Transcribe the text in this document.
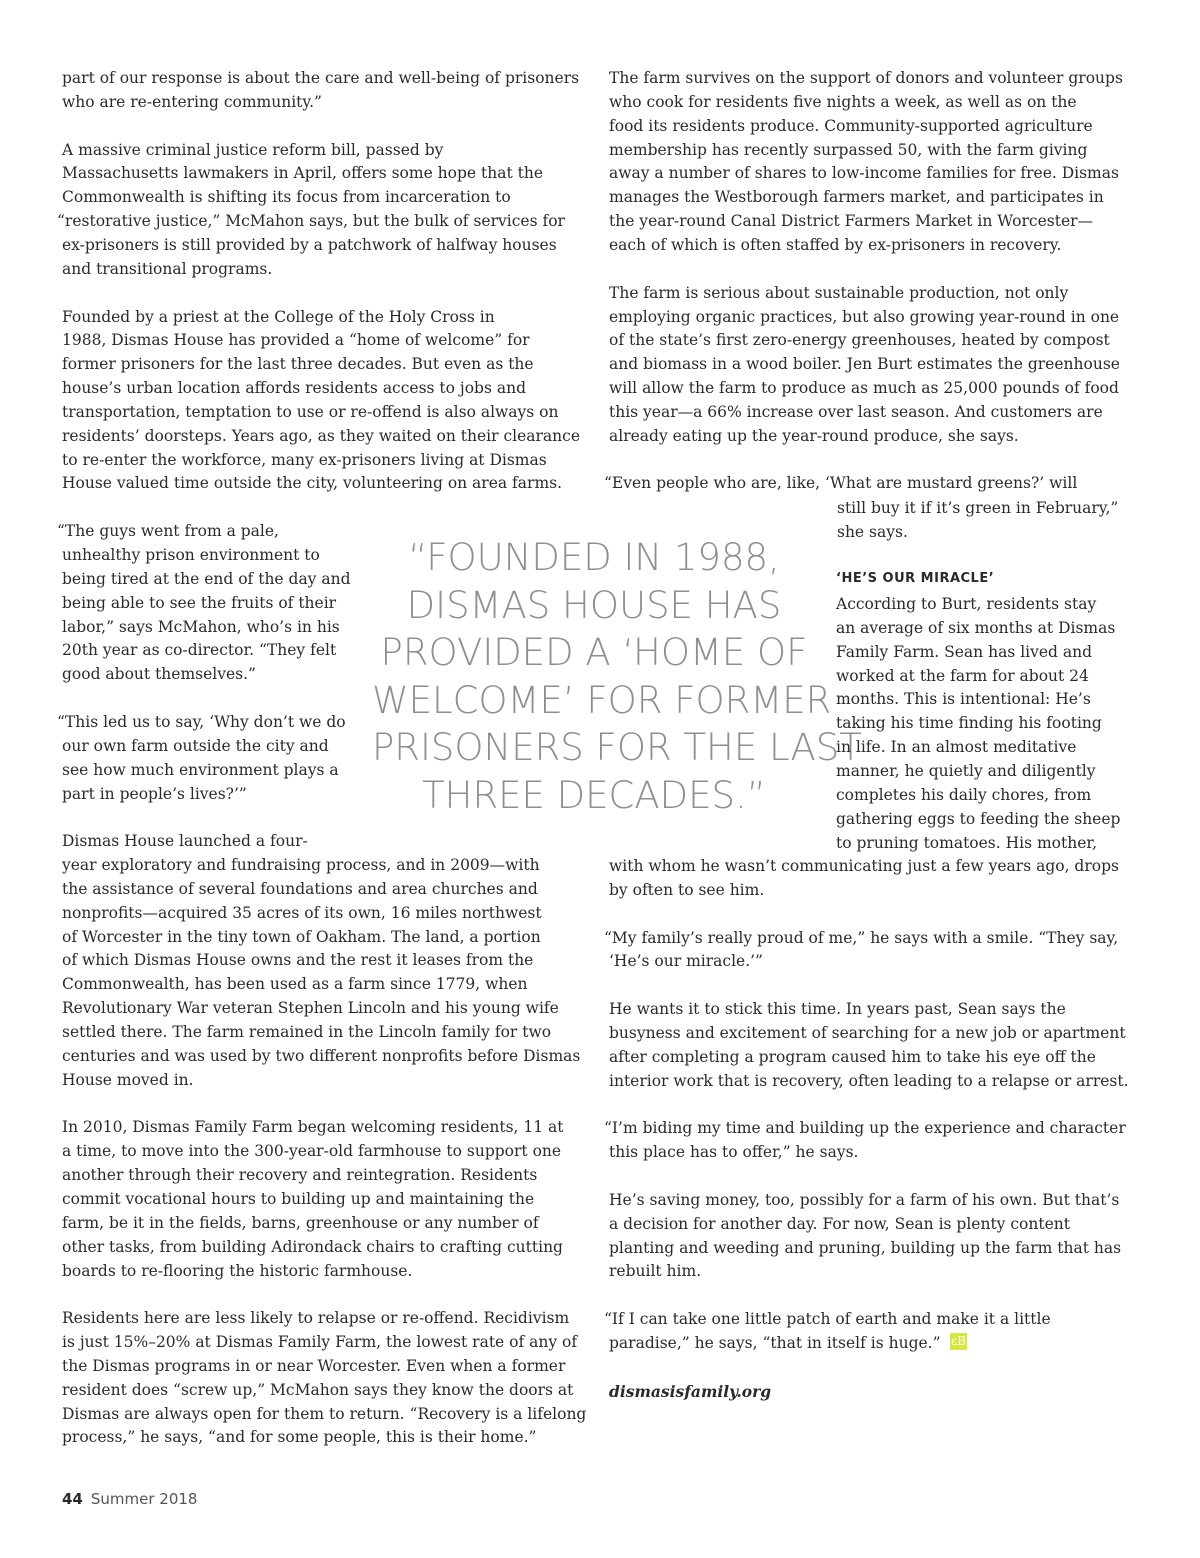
“FOUNDED IN 1988,
DISMAS HOUSE HAS
PROVIDED A ‘HOME OF
WELCOME’ FOR FORMER
PRISONERS FOR THE LAST
THREE DECADES.”
‘HE’S OUR MIRACLE’
ɛB
dismasisfamily.org
44 Summer 2018
part of our response is about the care and well-being of prisoners
who are re-entering community.”
A massive criminal justice reform bill, passed by
Massachusetts lawmakers in April, offers some hope that the
Commonwealth is shifting its focus from incarceration to
“restorative justice,” McMahon says, but the bulk of services for
ex-prisoners is still provided by a patchwork of halfway houses
and transitional programs.
Founded by a priest at the College of the Holy Cross in
1988, Dismas House has provided a “home of welcome” for
former prisoners for the last three decades. But even as the
house’s urban location affords residents access to jobs and
transportation, temptation to use or re-offend is also always on
residents’ doorsteps. Years ago, as they waited on their clearance
to re-enter the workforce, many ex-prisoners living at Dismas
House valued time outside the city, volunteering on area farms.
“The guys went from a pale,
unhealthy prison environment to
being tired at the end of the day and
being able to see the fruits of their
labor,” says McMahon, who’s in his
20th year as co-director. “They felt
good about themselves.”
“This led us to say, ‘Why don’t we do
our own farm outside the city and
see how much environment plays a
part in people’s lives?’”
Dismas House launched a four-
year exploratory and fundraising process, and in 2009—with
the assistance of several foundations and area churches and
nonprofits—acquired 35 acres of its own, 16 miles northwest
of Worcester in the tiny town of Oakham. The land, a portion
of which Dismas House owns and the rest it leases from the
Commonwealth, has been used as a farm since 1779, when
Revolutionary War veteran Stephen Lincoln and his young wife
settled there. The farm remained in the Lincoln family for two
centuries and was used by two different nonprofits before Dismas
House moved in.
In 2010, Dismas Family Farm began welcoming residents, 11 at
a time, to move into the 300-year-old farmhouse to support one
another through their recovery and reintegration. Residents
commit vocational hours to building up and maintaining the
farm, be it in the fields, barns, greenhouse or any number of
other tasks, from building Adirondack chairs to crafting cutting
boards to re-flooring the historic farmhouse.
Residents here are less likely to relapse or re-offend. Recidivism
is just 15%–20% at Dismas Family Farm, the lowest rate of any of
the Dismas programs in or near Worcester. Even when a former
resident does “screw up,” McMahon says they know the doors at
Dismas are always open for them to return. “Recovery is a lifelong
process,” he says, “and for some people, this is their home.”
The farm survives on the support of donors and volunteer groups
who cook for residents five nights a week, as well as on the
food its residents produce. Community-supported agriculture
membership has recently surpassed 50, with the farm giving
away a number of shares to low-income families for free. Dismas
manages the Westborough farmers market, and participates in
the year-round Canal District Farmers Market in Worcester—
each of which is often staffed by ex-prisoners in recovery.
The farm is serious about sustainable production, not only
employing organic practices, but also growing year-round in one
of the state’s first zero-energy greenhouses, heated by compost
and biomass in a wood boiler. Jen Burt estimates the greenhouse
will allow the farm to produce as much as 25,000 pounds of food
this year—a 66% increase over last season. And customers are
already eating up the year-round produce, she says.
“Even people who are, like, ‘What are mustard greens?’ will
still buy it if it’s green in February,”
she says.
According to Burt, residents stay
an average of six months at Dismas
Family Farm. Sean has lived and
worked at the farm for about 24
months. This is intentional: He’s
taking his time finding his footing
in life. In an almost meditative
manner, he quietly and diligently
completes his daily chores, from
gathering eggs to feeding the sheep
to pruning tomatoes. His mother,
with whom he wasn’t communicating just a few years ago, drops
by often to see him.
“My family’s really proud of me,” he says with a smile. “They say,
‘He’s our miracle.’”
He wants it to stick this time. In years past, Sean says the
busyness and excitement of searching for a new job or apartment
after completing a program caused him to take his eye off the
interior work that is recovery, often leading to a relapse or arrest.
“I’m biding my time and building up the experience and character
this place has to offer,” he says.
He’s saving money, too, possibly for a farm of his own. But that’s
a decision for another day. For now, Sean is plenty content
planting and weeding and pruning, building up the farm that has
rebuilt him.
“If I can take one little patch of earth and make it a little
paradise,” he says, “that in itself is huge.”
